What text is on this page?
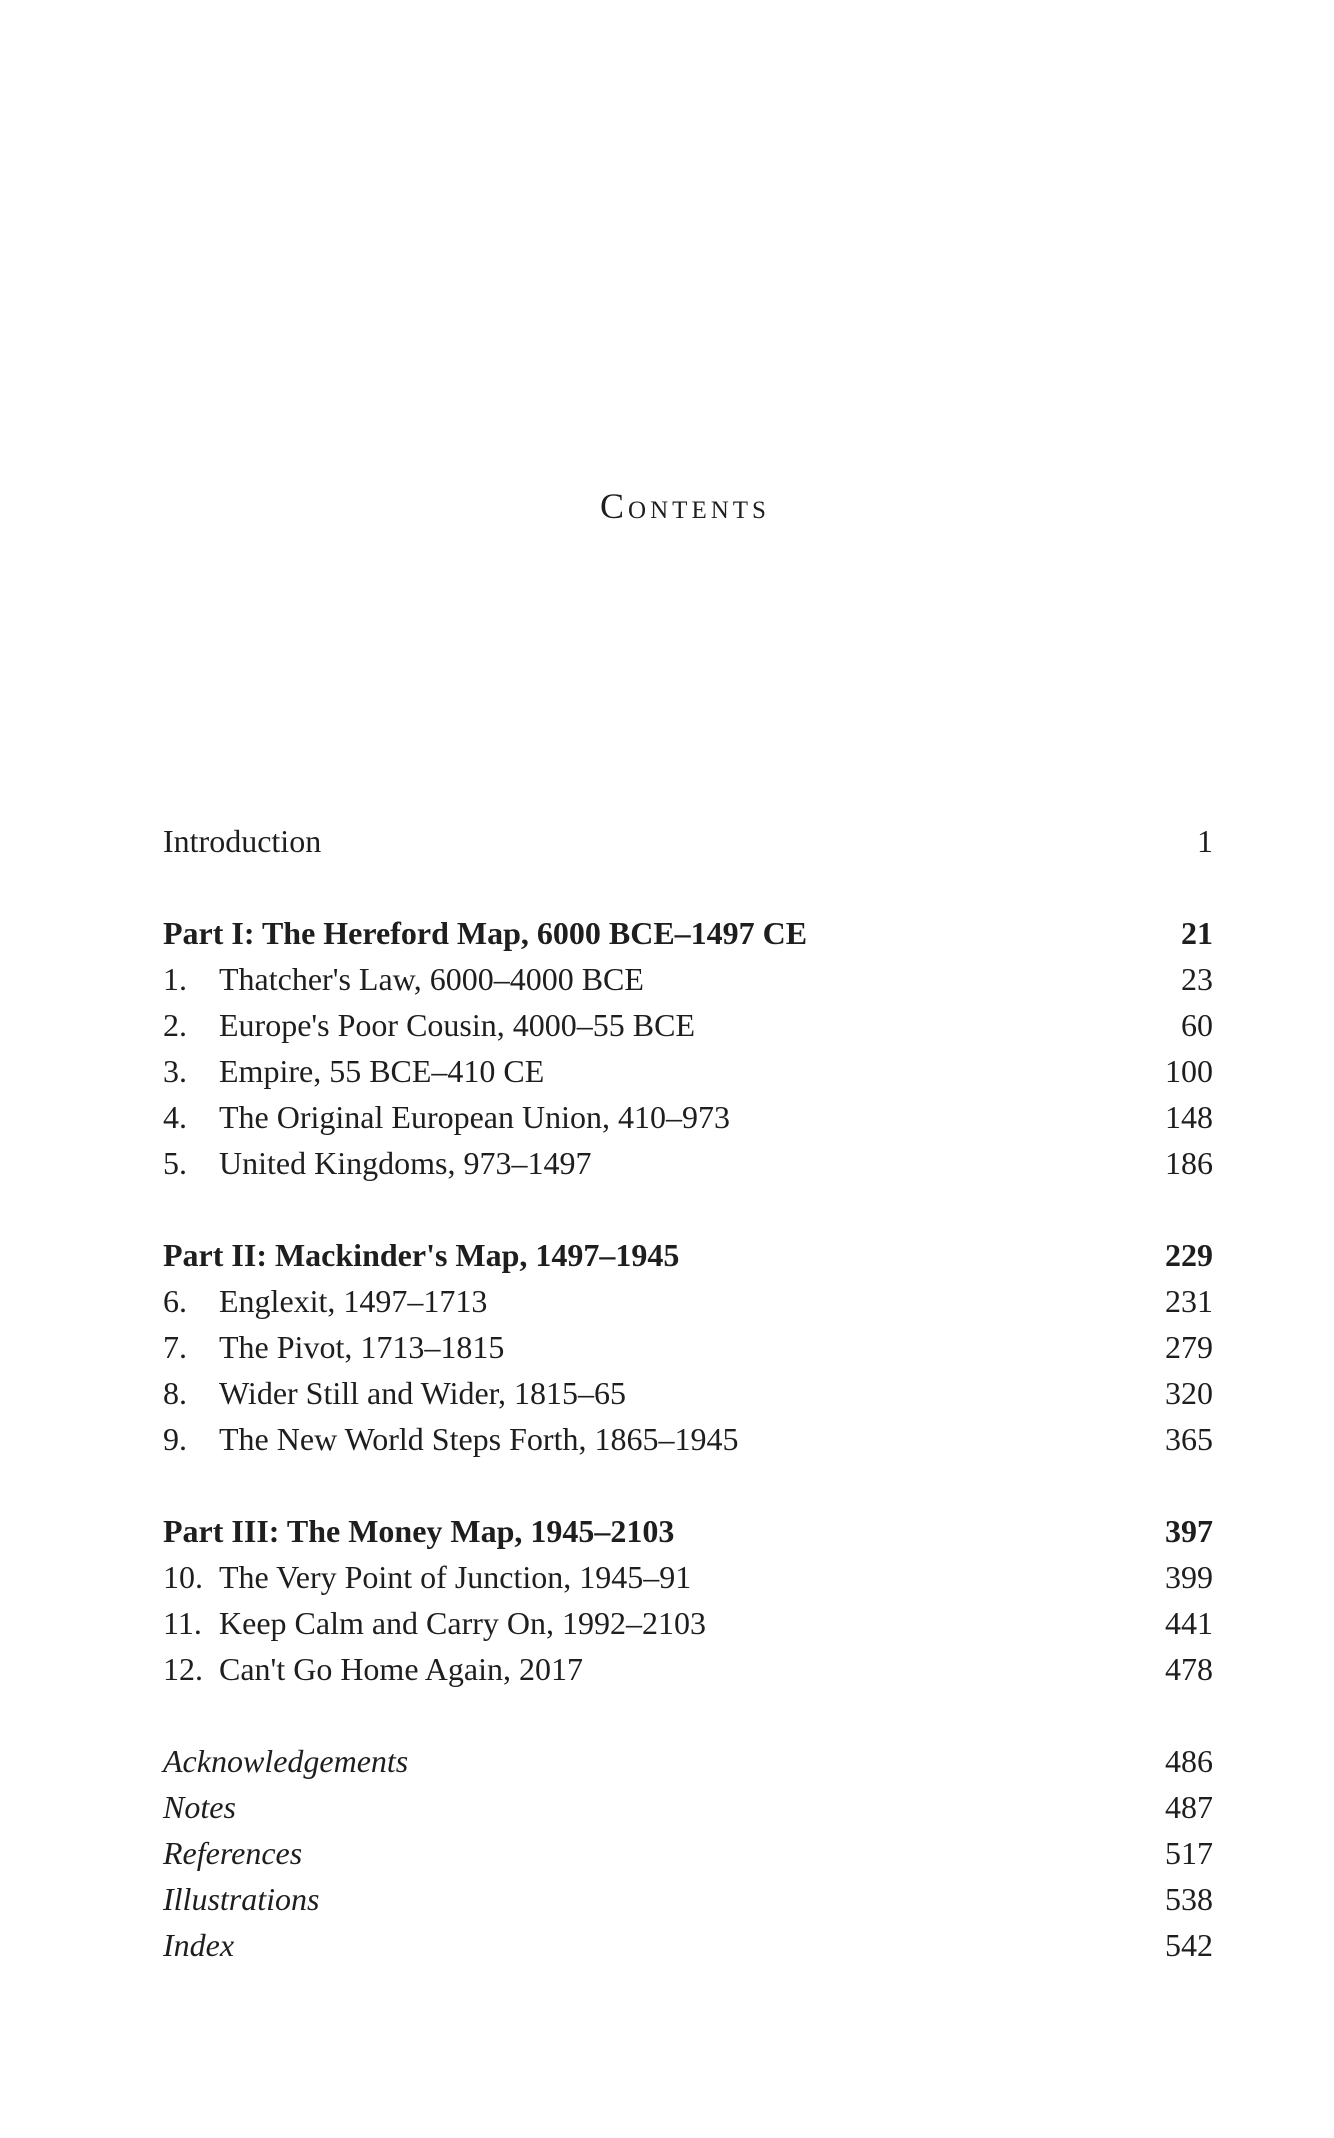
Contents
Introduction	1
Part I: The Hereford Map, 6000 BCE–1497 CE	21
1. Thatcher's Law, 6000–4000 BCE	23
2. Europe's Poor Cousin, 4000–55 BCE	60
3. Empire, 55 BCE–410 CE	100
4. The Original European Union, 410–973	148
5. United Kingdoms, 973–1497	186
Part II: Mackinder's Map, 1497–1945	229
6. Englexit, 1497–1713	231
7. The Pivot, 1713–1815	279
8. Wider Still and Wider, 1815–65	320
9. The New World Steps Forth, 1865–1945	365
Part III: The Money Map, 1945–2103	397
10. The Very Point of Junction, 1945–91	399
11. Keep Calm and Carry On, 1992–2103	441
12. Can't Go Home Again, 2017	478
Acknowledgements	486
Notes	487
References	517
Illustrations	538
Index	542
